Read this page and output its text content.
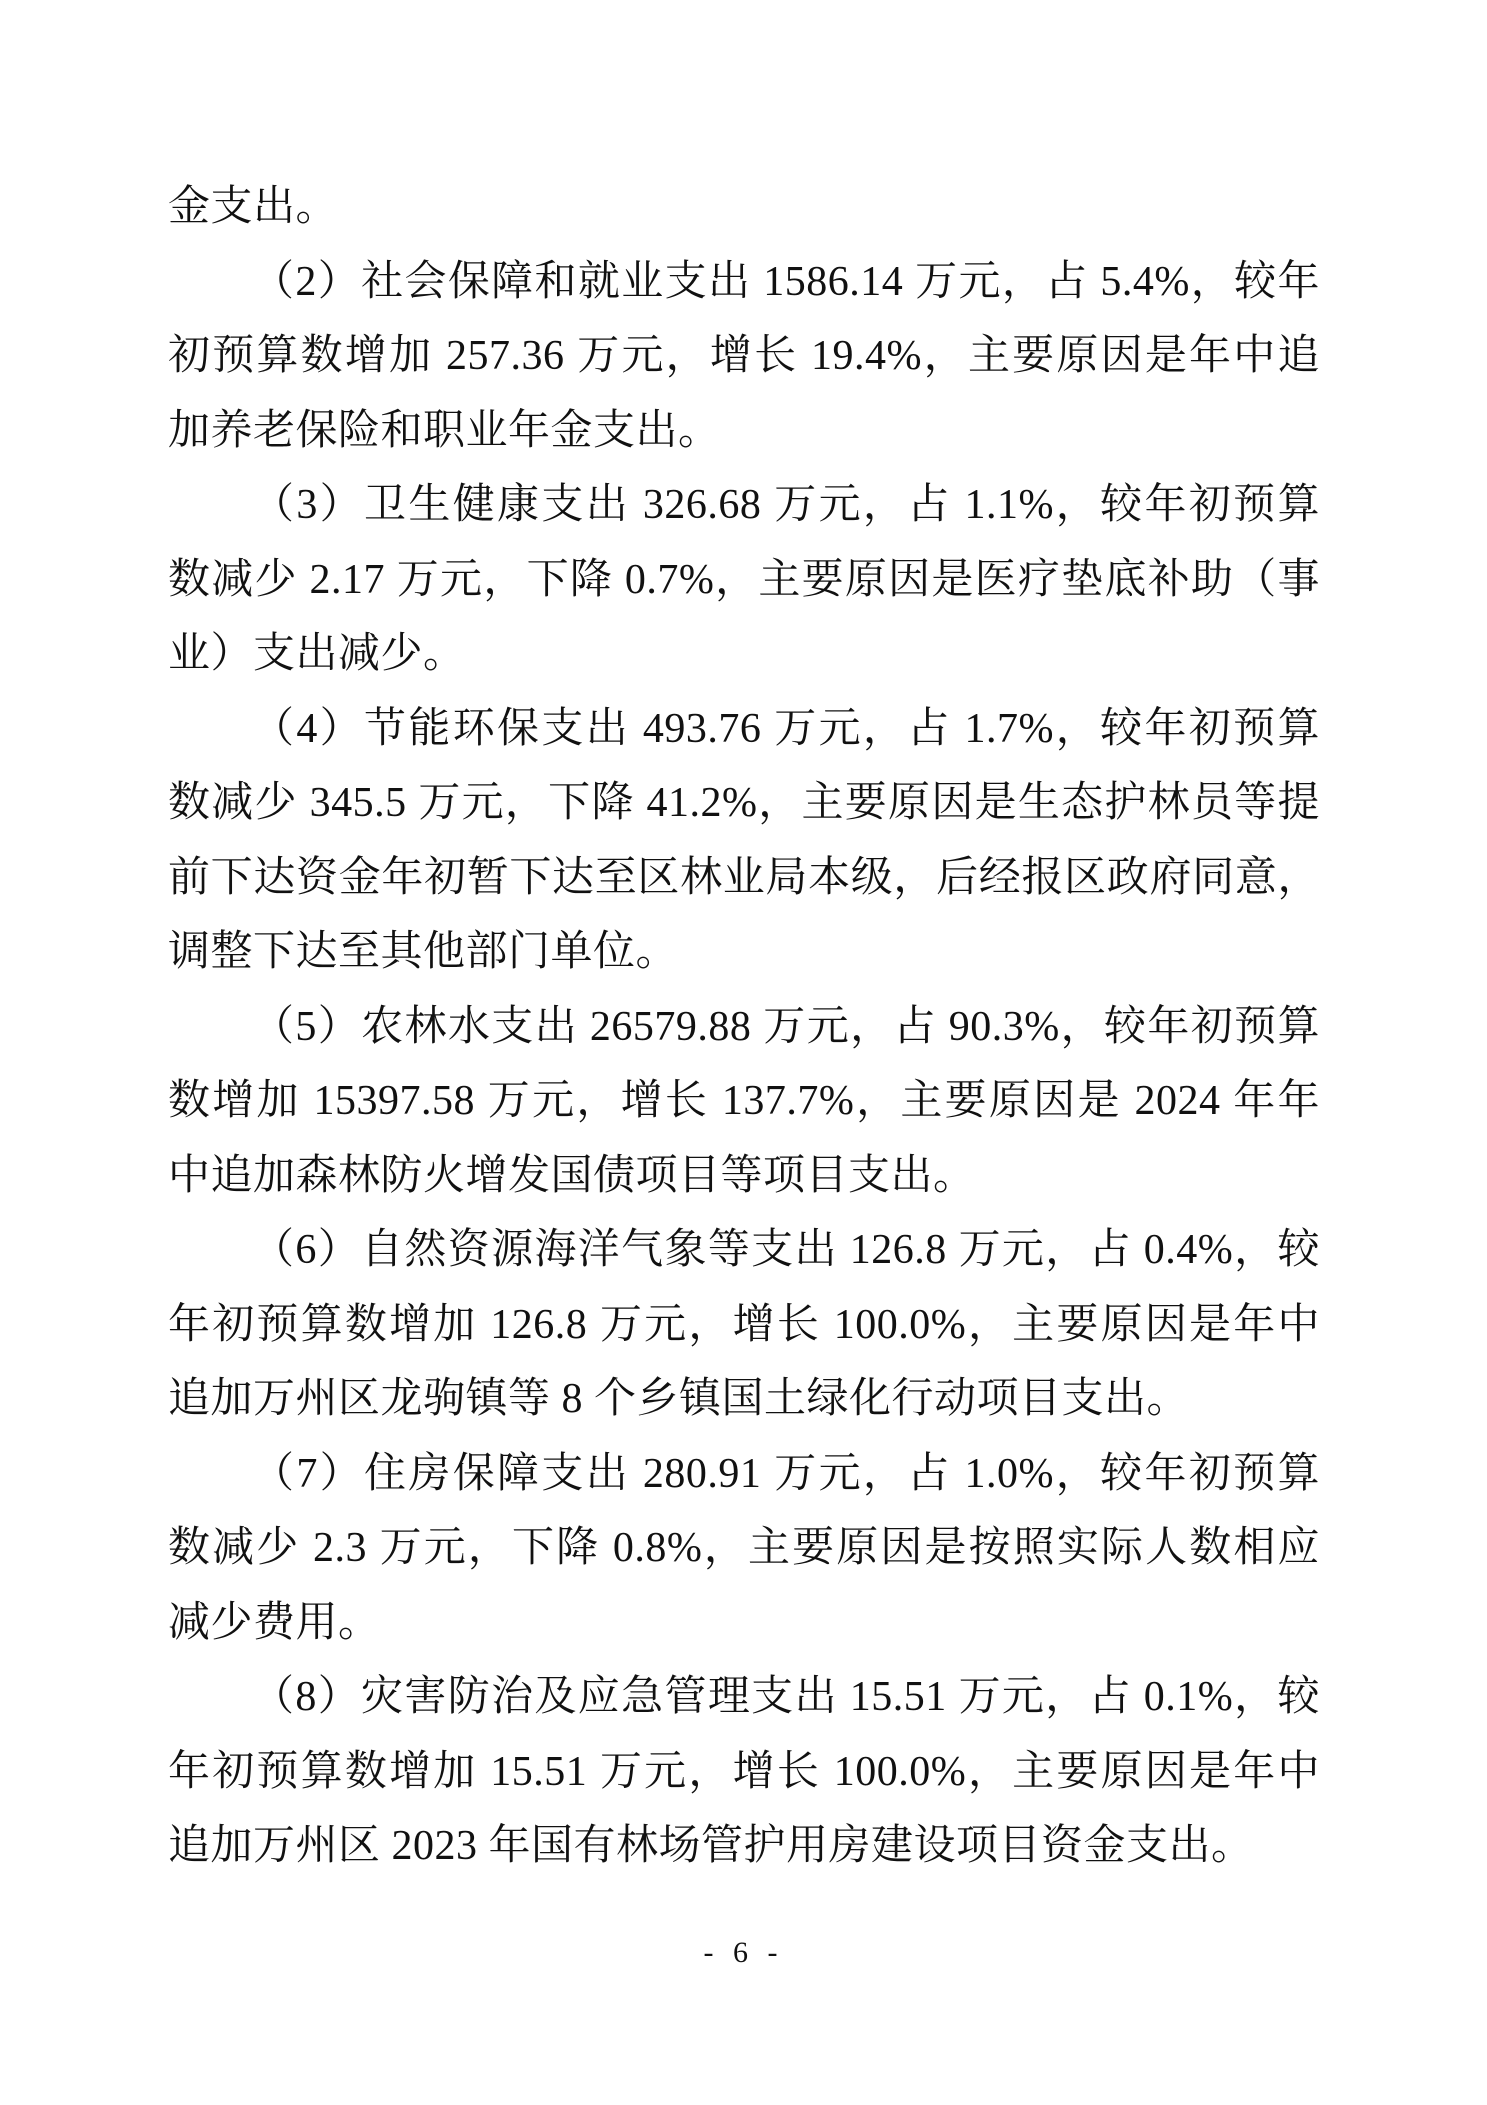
金支出。

（2）社会保障和就业支出 1586.14 万元，占 5.4%，较年初预算数增加 257.36 万元，增长 19.4%，主要原因是年中追加养老保险和职业年金支出。

（3）卫生健康支出 326.68 万元，占 1.1%，较年初预算数减少 2.17 万元，下降 0.7%，主要原因是医疗垫底补助（事业）支出减少。

（4）节能环保支出 493.76 万元，占 1.7%，较年初预算数减少 345.5 万元，下降 41.2%，主要原因是生态护林员等提前下达资金年初暂下达至区林业局本级，后经报区政府同意，调整下达至其他部门单位。

（5）农林水支出 26579.88 万元，占 90.3%，较年初预算数增加 15397.58 万元，增长 137.7%，主要原因是 2024 年年中追加森林防火增发国债项目等项目支出。

（6）自然资源海洋气象等支出 126.8 万元，占 0.4%，较年初预算数增加 126.8 万元，增长 100.0%，主要原因是年中追加万州区龙驹镇等 8 个乡镇国土绿化行动项目支出。

（7）住房保障支出 280.91 万元，占 1.0%，较年初预算数减少 2.3 万元，下降 0.8%，主要原因是按照实际人数相应减少费用。

（8）灾害防治及应急管理支出 15.51 万元，占 0.1%，较年初预算数增加 15.51 万元，增长 100.0%，主要原因是年中追加万州区 2023 年国有林场管护用房建设项目资金支出。

- 6 -
